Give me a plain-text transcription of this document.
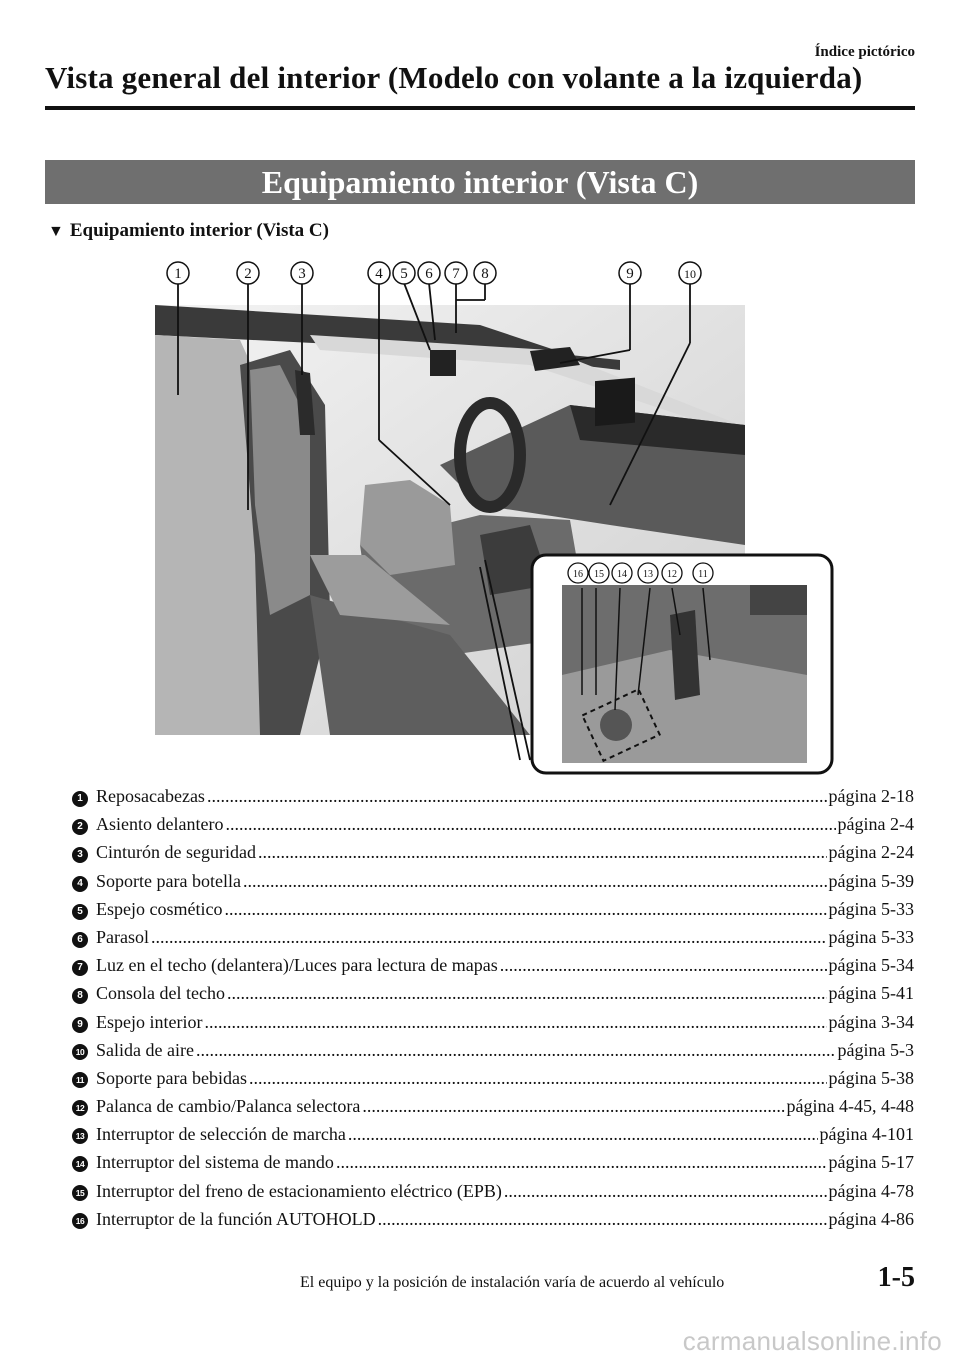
Índice pictórico
Vista general del interior (Modelo con volante a la izquierda)
Equipamiento interior (Vista C)
▼ Equipamiento interior (Vista C)
1	2	3	4 5 6 7 8	9	10
16 15 14 13 12 11
1 Reposacabezas .....	página 2-18
2 Asiento delantero .....	página 2-4
3 Cinturón de seguridad .....	página 2-24
4 Soporte para botella .....	página 5-39
5 Espejo cosmético .....	página 5-33
6 Parasol .....	página 5-33
7 Luz en el techo (delantera)/Luces para lectura de mapas .....	página 5-34
8 Consola del techo .....	página 5-41
9 Espejo interior .....	página 3-34
10 Salida de aire .....	página 5-3
11 Soporte para bebidas .....	página 5-38
12 Palanca de cambio/Palanca selectora .....	página 4-45, 4-48
13 Interruptor de selección de marcha .....	página 4-101
14 Interruptor del sistema de mando .....	página 5-17
15 Interruptor del freno de estacionamiento eléctrico (EPB) .....	página 4-78
16 Interruptor de la función AUTOHOLD .....	página 4-86
El equipo y la posición de instalación varía de acuerdo al vehículo	1-5
carmanualsonline.info
